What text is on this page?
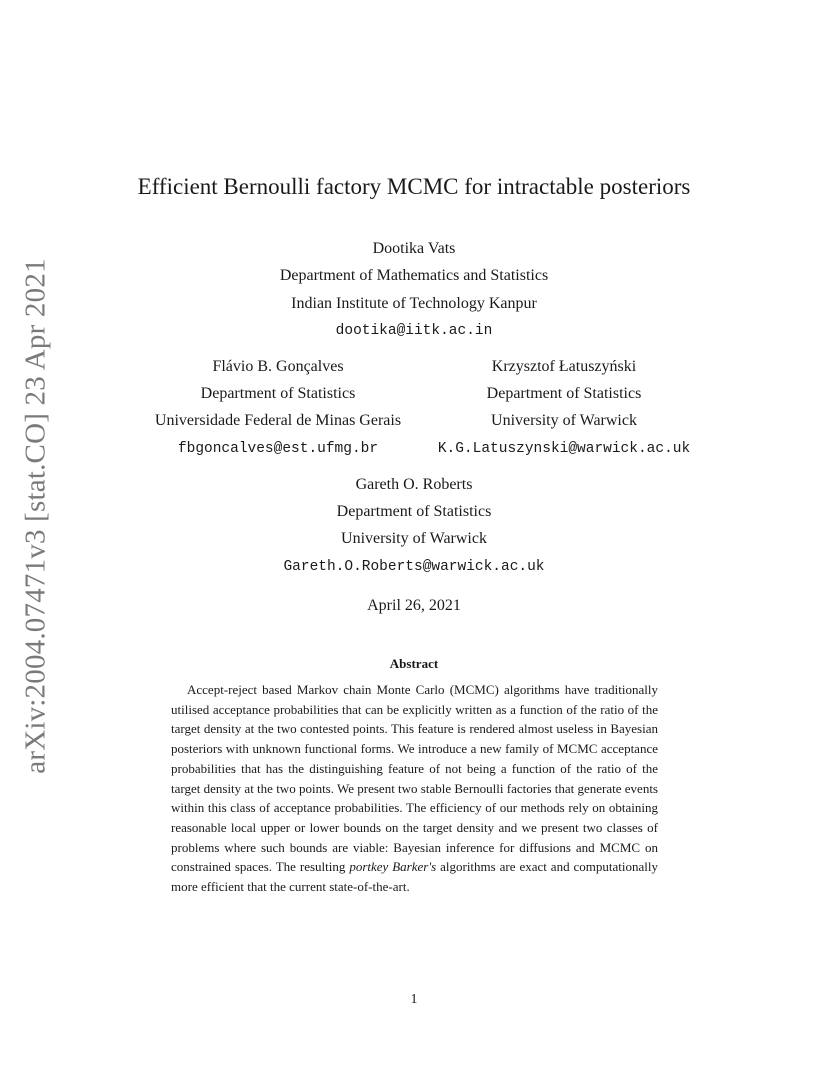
arXiv:2004.07471v3 [stat.CO] 23 Apr 2021
Efficient Bernoulli factory MCMC for intractable posteriors
Dootika Vats
Department of Mathematics and Statistics
Indian Institute of Technology Kanpur
dootika@iitk.ac.in
Flávio B. Gonçalves
Department of Statistics
Universidade Federal de Minas Gerais
fbgoncalves@est.ufmg.br
Krzysztof Łatuszyński
Department of Statistics
University of Warwick
K.G.Latuszynski@warwick.ac.uk
Gareth O. Roberts
Department of Statistics
University of Warwick
Gareth.O.Roberts@warwick.ac.uk
April 26, 2021
Abstract
Accept-reject based Markov chain Monte Carlo (MCMC) algorithms have traditionally utilised acceptance probabilities that can be explicitly written as a function of the ratio of the target density at the two contested points. This feature is rendered almost useless in Bayesian posteriors with unknown functional forms. We introduce a new family of MCMC acceptance probabilities that has the distinguishing feature of not being a function of the ratio of the target density at the two points. We present two stable Bernoulli factories that generate events within this class of acceptance probabilities. The efficiency of our methods rely on obtaining reasonable local upper or lower bounds on the target density and we present two classes of problems where such bounds are viable: Bayesian inference for diffusions and MCMC on constrained spaces. The resulting portkey Barker's algorithms are exact and computationally more efficient that the current state-of-the-art.
1
